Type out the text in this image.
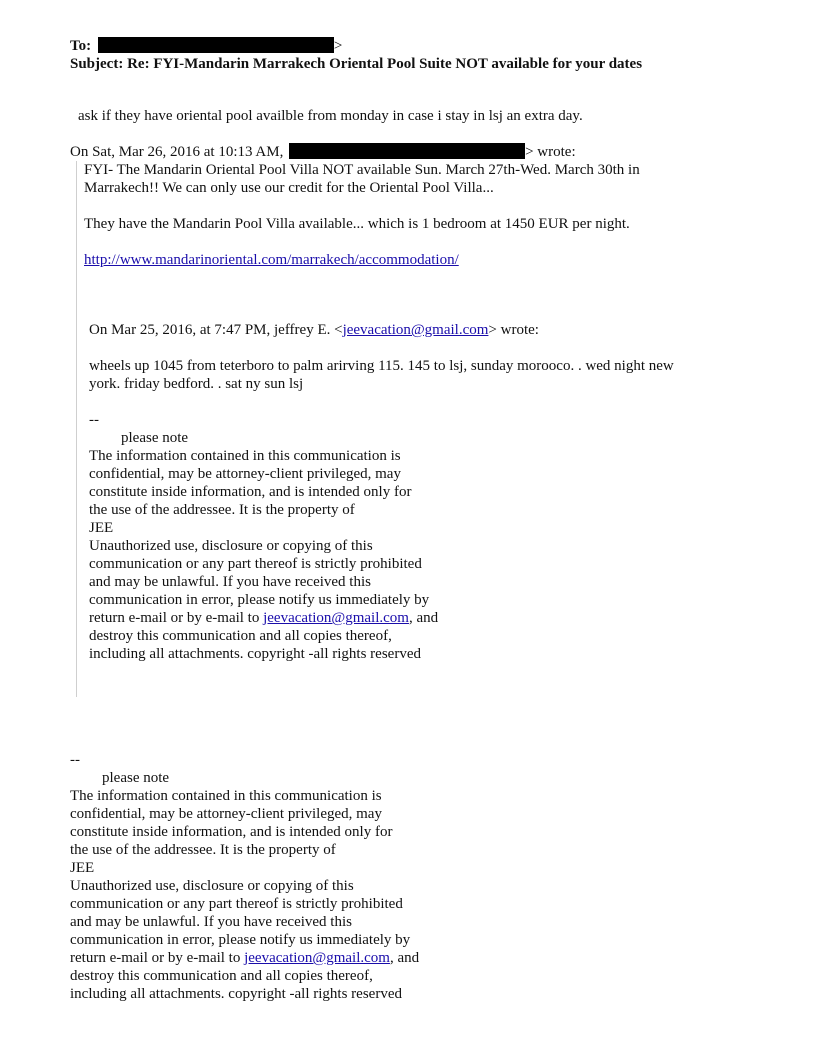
To:	>
Subject: Re: FYI-Mandarin Marrakech Oriental Pool Suite NOT available for your dates
ask if they have oriental pool availble from monday in case i stay in lsj an extra day.
On Sat, Mar 26, 2016 at 10:13 AM,	> wrote:
FYI- The Mandarin Oriental Pool Villa NOT available Sun. March 27th-Wed. March 30th in
Marrakech!! We can only use our credit for the Oriental Pool Villa...
They have the Mandarin Pool Villa available... which is 1 bedroom at 1450 EUR per night.
http://www.mandarinoriental.com/marrakech/accommodation/
On Mar 25, 2016, at 7:47 PM, jeffrey E. <jeevacation@gmail.com> wrote:
wheels up 1045 from teterboro to palm arirving 115. 145 to lsj, sunday morooco. . wed night new
york. friday bedford. . sat ny sun lsj
--
please note
The information contained in this communication is
confidential, may be attorney-client privileged, may
constitute inside information, and is intended only for
the use of the addressee. It is the property of
JEE
Unauthorized use, disclosure or copying of this
communication or any part thereof is strictly prohibited
and may be unlawful. If you have received this
communication in error, please notify us immediately by
return e-mail or by e-mail to jeevacation@gmail.com, and
destroy this communication and all copies thereof,
including all attachments. copyright -all rights reserved
--
please note
The information contained in this communication is
confidential, may be attorney-client privileged, may
constitute inside information, and is intended only for
the use of the addressee. It is the property of
JEE
Unauthorized use, disclosure or copying of this
communication or any part thereof is strictly prohibited
and may be unlawful. If you have received this
communication in error, please notify us immediately by
return e-mail or by e-mail to jeevacation@gmail.com, and
destroy this communication and all copies thereof,
including all attachments. copyright -all rights reserved
